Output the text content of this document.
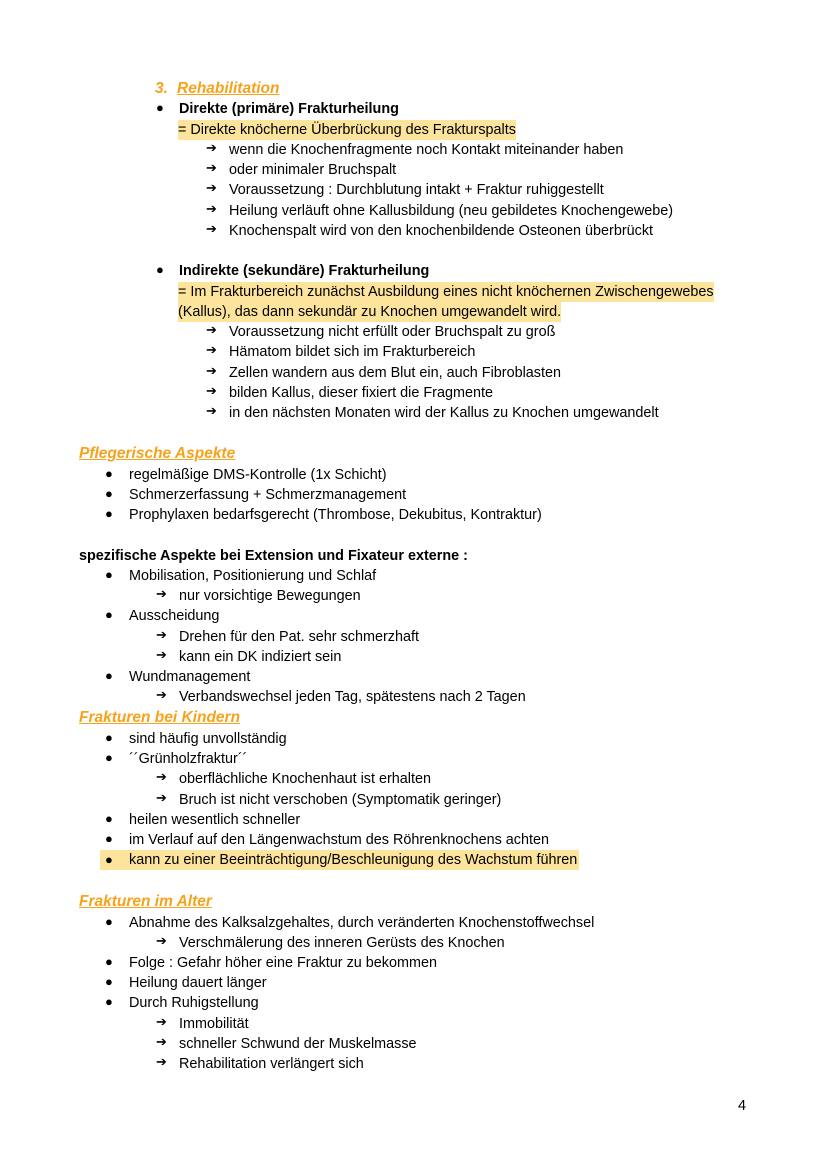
3. Rehabilitation
● Direkte (primäre) Frakturheilung
= Direkte knöcherne Überbrückung des Frakturspalts
➔ wenn die Knochenfragmente noch Kontakt miteinander haben
➔ oder minimaler Bruchspalt
➔ Voraussetzung : Durchblutung intakt + Fraktur ruhiggestellt
➔ Heilung verläuft ohne Kallusbildung (neu gebildetes Knochengewebe)
➔ Knochenspalt wird von den knochenbildende Osteonen überbrückt
● Indirekte (sekundäre) Frakturheilung
= Im Frakturbereich zunächst Ausbildung eines nicht knöchernen Zwischengewebes
(Kallus), das dann sekundär zu Knochen umgewandelt wird.
➔ Voraussetzung nicht erfüllt oder Bruchspalt zu groß
➔ Hämatom bildet sich im Frakturbereich
➔ Zellen wandern aus dem Blut ein, auch Fibroblasten
➔ bilden Kallus, dieser fixiert die Fragmente
➔ in den nächsten Monaten wird der Kallus zu Knochen umgewandelt
Pflegerische Aspekte
● regelmäßige DMS-Kontrolle (1x Schicht)
● Schmerzerfassung + Schmerzmanagement
● Prophylaxen bedarfsgerecht (Thrombose, Dekubitus, Kontraktur)
spezifische Aspekte bei Extension und Fixateur externe :
● Mobilisation, Positionierung und Schlaf
➔ nur vorsichtige Bewegungen
● Ausscheidung
➔ Drehen für den Pat. sehr schmerzhaft
➔ kann ein DK indiziert sein
● Wundmanagement
➔ Verbandswechsel jeden Tag, spätestens nach 2 Tagen
Frakturen bei Kindern
● sind häufig unvollständig
● ´´Grünholzfraktur´´
➔ oberflächliche Knochenhaut ist erhalten
➔ Bruch ist nicht verschoben (Symptomatik geringer)
● heilen wesentlich schneller
● im Verlauf auf den Längenwachstum des Röhrenknochens achten
● kann zu einer Beeinträchtigung/Beschleunigung des Wachstum führen
Frakturen im Alter
● Abnahme des Kalksalzgehaltes, durch veränderten Knochenstoffwechsel
➔ Verschmälerung des inneren Gerüsts des Knochen
● Folge : Gefahr höher eine Fraktur zu bekommen
● Heilung dauert länger
● Durch Ruhigstellung
➔ Immobilität
➔ schneller Schwund der Muskelmasse
➔ Rehabilitation verlängert sich
4
